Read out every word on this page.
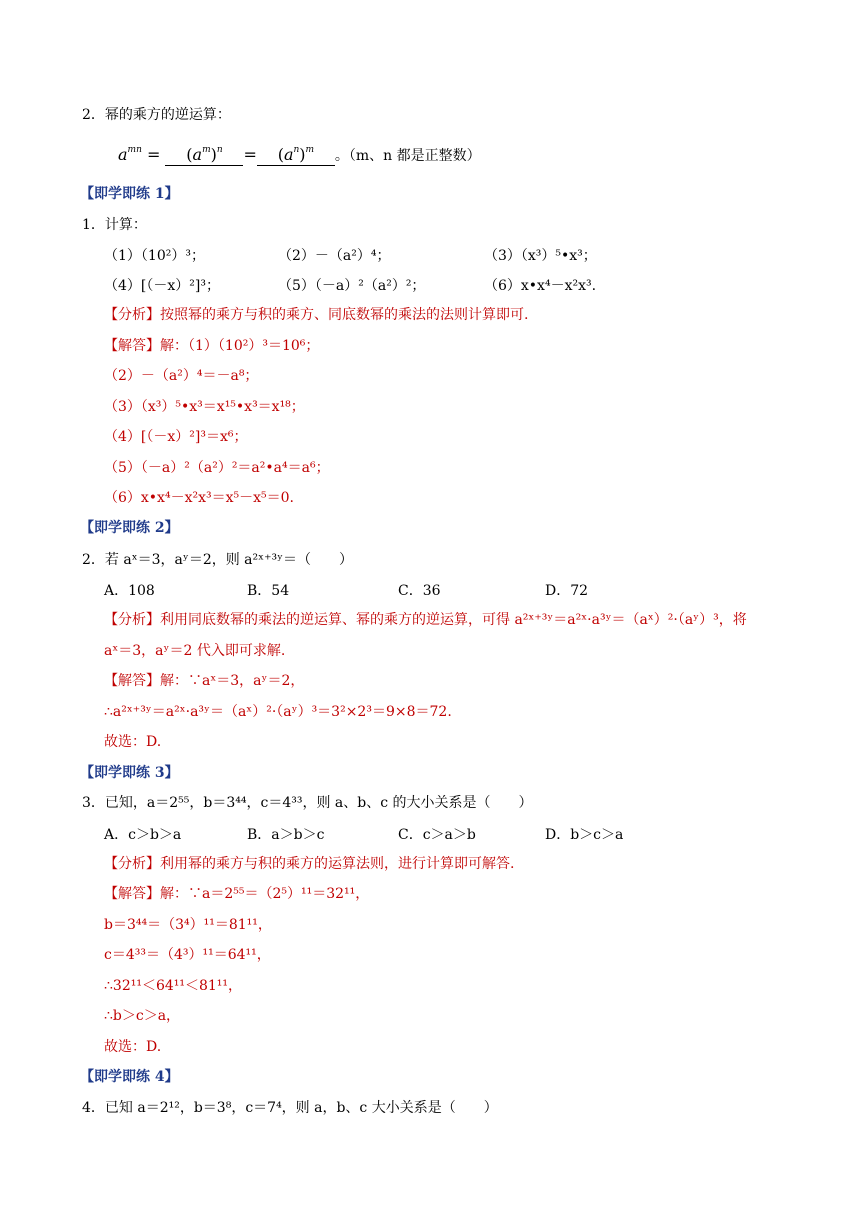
2．幂的乘方的逆运算：
$a^{mn} = (a^m)^n = (a^n)^m$ 。（m、n 都是正整数）
【即学即练 1】
1．计算：
（1）（10²）³；	（2）－（a²）⁴；	（3）（x³）⁵•x³；
（4）[（－x）²]³；	（5）（－a）²（a²）²；	（6）x•x⁴－x²x³.
【分析】按照幂的乘方与积的乘方、同底数幂的乘法的法则计算即可.
【解答】解：（1）（10²）³＝10⁶；
（2）－（a²）⁴＝－a⁸；
（3）（x³）⁵•x³＝x¹⁵•x³＝x¹⁸；
（4）[（－x）²]³＝x⁶；
（5）（－a）²（a²）²＝a²•a⁴＝a⁶；
（6）x•x⁴－x²x³＝x⁵－x⁵＝0.
【即学即练 2】
2．若 aˣ＝3，aʸ＝2，则 a²ˣ⁺³ʸ＝（　　）
A．108	B．54	C．36	D．72
【分析】利用同底数幂的乘法的逆运算、幂的乘方的逆运算，可得 a²ˣ⁺³ʸ＝a²ˣ·a³ʸ＝（aˣ）²·（aʸ）³，将
aˣ＝3，aʸ＝2 代入即可求解.
【解答】解：∵aˣ＝3，aʸ＝2，
∴a²ˣ⁺³ʸ＝a²ˣ·a³ʸ＝（aˣ）²·（aʸ）³＝3²×2³＝9×8＝72.
故选：D.
【即学即练 3】
3．已知，a＝2⁵⁵，b＝3⁴⁴，c＝4³³，则 a、b、c 的大小关系是（　　）
A．c＞b＞a	B．a＞b＞c	C．c＞a＞b	D．b＞c＞a
【分析】利用幂的乘方与积的乘方的运算法则，进行计算即可解答.
【解答】解：∵a＝2⁵⁵＝（2⁵）¹¹＝32¹¹，
b＝3⁴⁴＝（3⁴）¹¹＝81¹¹，
c＝4³³＝（4³）¹¹＝64¹¹，
∴32¹¹＜64¹¹＜81¹¹，
∴b＞c＞a，
故选：D.
【即学即练 4】
4．已知 a＝2¹²，b＝3⁸，c＝7⁴，则 a，b、c 大小关系是（　　）
